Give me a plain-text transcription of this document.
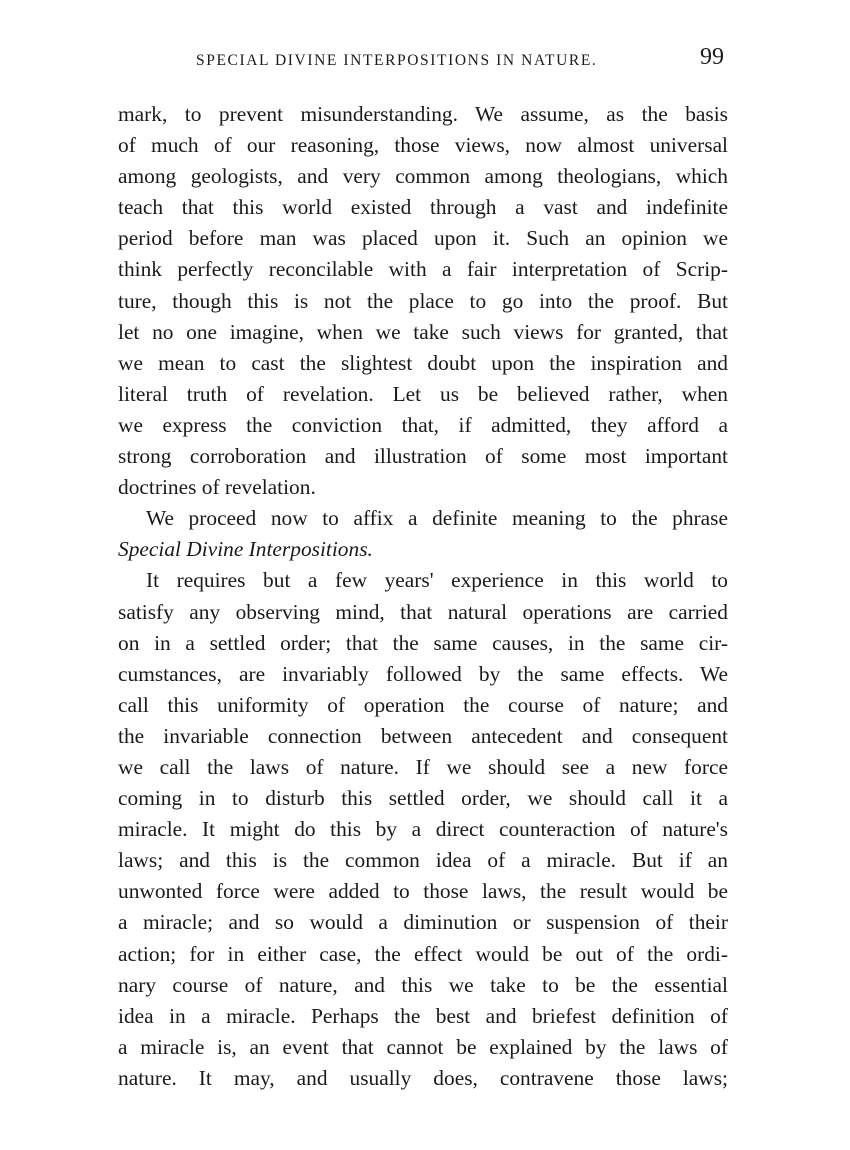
SPECIAL DIVINE INTERPOSITIONS IN NATURE.	99
mark, to prevent misunderstanding. We assume, as the basis
of much of our reasoning, those views, now almost universal
among geologists, and very common among theologians, which
teach that this world existed through a vast and indefinite
period before man was placed upon it. Such an opinion we
think perfectly reconcilable with a fair interpretation of Scrip-
ture, though this is not the place to go into the proof. But
let no one imagine, when we take such views for granted, that
we mean to cast the slightest doubt upon the inspiration and
literal truth of revelation. Let us be believed rather, when
we express the conviction that, if admitted, they afford a
strong corroboration and illustration of some most important
doctrines of revelation.
We proceed now to affix a definite meaning to the phrase
Special Divine Interpositions.
It requires but a few years' experience in this world to
satisfy any observing mind, that natural operations are carried
on in a settled order; that the same causes, in the same cir-
cumstances, are invariably followed by the same effects. We
call this uniformity of operation the course of nature; and
the invariable connection between antecedent and consequent
we call the laws of nature. If we should see a new force
coming in to disturb this settled order, we should call it a
miracle. It might do this by a direct counteraction of nature's
laws; and this is the common idea of a miracle. But if an
unwonted force were added to those laws, the result would be
a miracle; and so would a diminution or suspension of their
action; for in either case, the effect would be out of the ordi-
nary course of nature, and this we take to be the essential
idea in a miracle. Perhaps the best and briefest definition of
a miracle is, an event that cannot be explained by the laws of
nature. It may, and usually does, contravene those laws;
